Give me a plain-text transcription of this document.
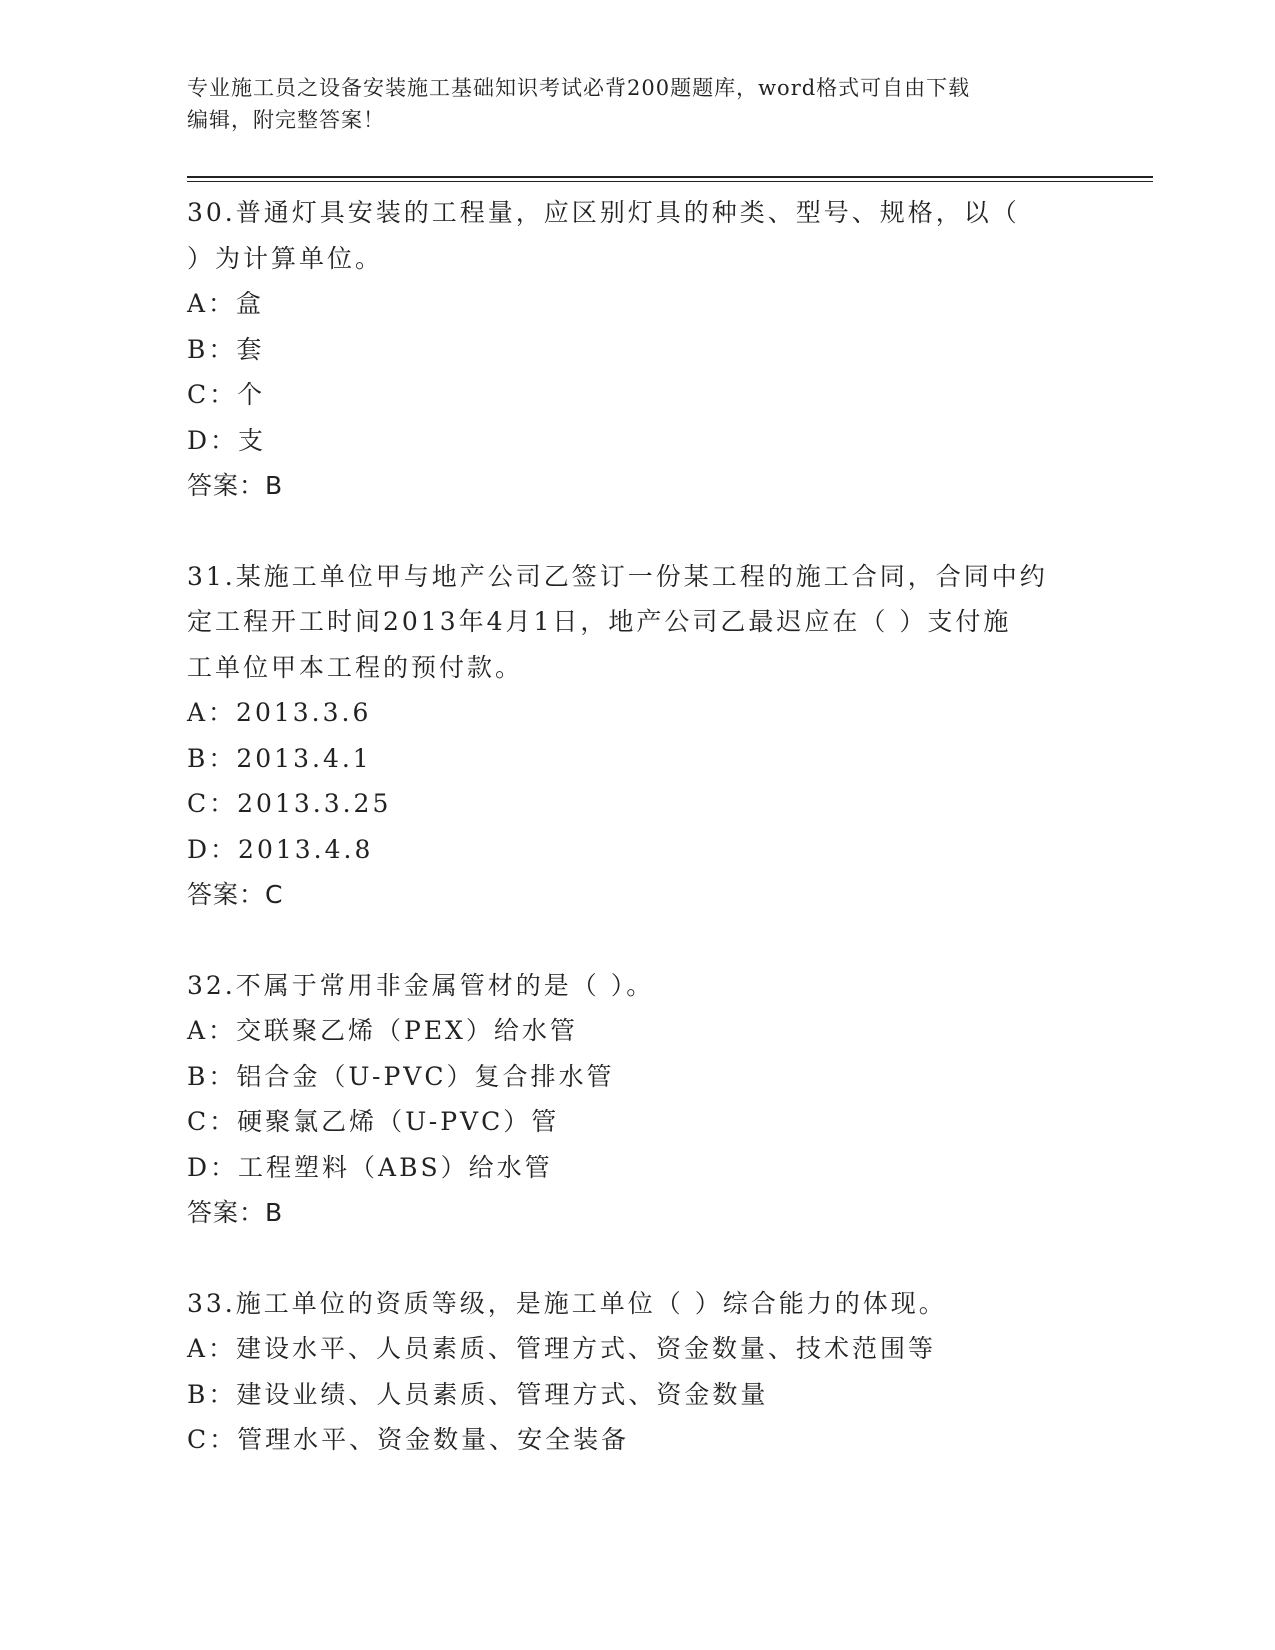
专业施工员之设备安装施工基础知识考试必背200题题库，word格式可自由下载
编辑，附完整答案！
30.普通灯具安装的工程量，应区别灯具的种类、型号、规格，以（
）为计算单位。
A：盒
B：套
C：个
D：支
答案：B
31.某施工单位甲与地产公司乙签订一份某工程的施工合同，合同中约
定工程开工时间2013年4月1日，地产公司乙最迟应在（ ）支付施
工单位甲本工程的预付款。
A：2013.3.6
B：2013.4.1
C：2013.3.25
D：2013.4.8
答案：C
32.不属于常用非金属管材的是（ ）。
A：交联聚乙烯（PEX）给水管
B：铝合金（U-PVC）复合排水管
C：硬聚氯乙烯（U-PVC）管
D：工程塑料（ABS）给水管
答案：B
33.施工单位的资质等级，是施工单位（ ）综合能力的体现。
A：建设水平、人员素质、管理方式、资金数量、技术范围等
B：建设业绩、人员素质、管理方式、资金数量
C：管理水平、资金数量、安全装备
